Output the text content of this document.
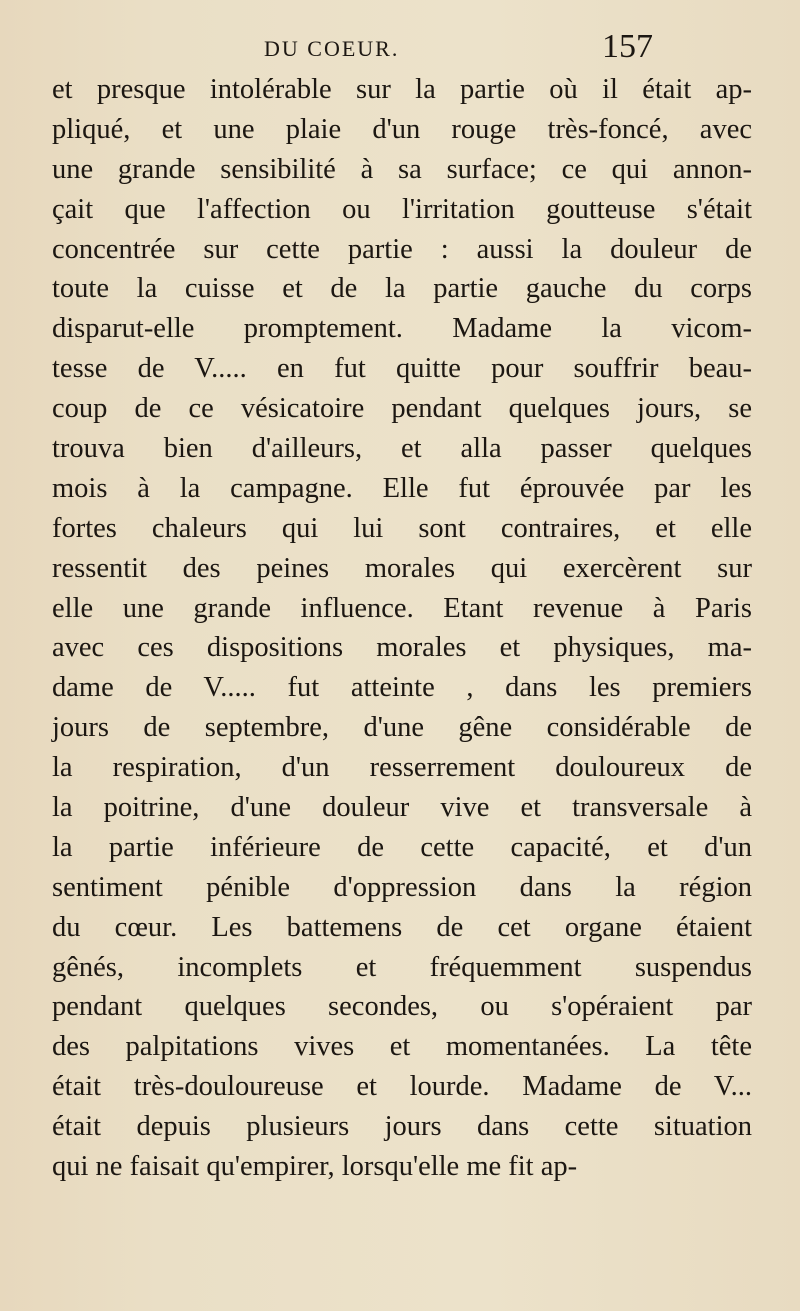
DU COEUR.	157
et presque intolérable sur la partie où il était ap-
pliqué, et une plaie d'un rouge très-foncé, avec
une grande sensibilité à sa surface; ce qui annon-
çait que l'affection ou l'irritation goutteuse s'était
concentrée sur cette partie : aussi la douleur de
toute la cuisse et de la partie gauche du corps
disparut-elle promptement. Madame la vicom-
tesse de V..... en fut quitte pour souffrir beau-
coup de ce vésicatoire pendant quelques jours, se
trouva bien d'ailleurs, et alla passer quelques
mois à la campagne. Elle fut éprouvée par les
fortes chaleurs qui lui sont contraires, et elle
ressentit des peines morales qui exercèrent sur
elle une grande influence. Etant revenue à Paris
avec ces dispositions morales et physiques, ma-
dame de V..... fut atteinte , dans les premiers
jours de septembre, d'une gêne considérable de
la respiration, d'un resserrement douloureux de
la poitrine, d'une douleur vive et transversale à
la partie inférieure de cette capacité, et d'un
sentiment pénible d'oppression dans la région
du cœur. Les battemens de cet organe étaient
gênés, incomplets et fréquemment suspendus
pendant quelques secondes, ou s'opéraient par
des palpitations vives et momentanées. La tête
était très-douloureuse et lourde. Madame de V...
était depuis plusieurs jours dans cette situation
qui ne faisait qu'empirer, lorsqu'elle me fit ap-
